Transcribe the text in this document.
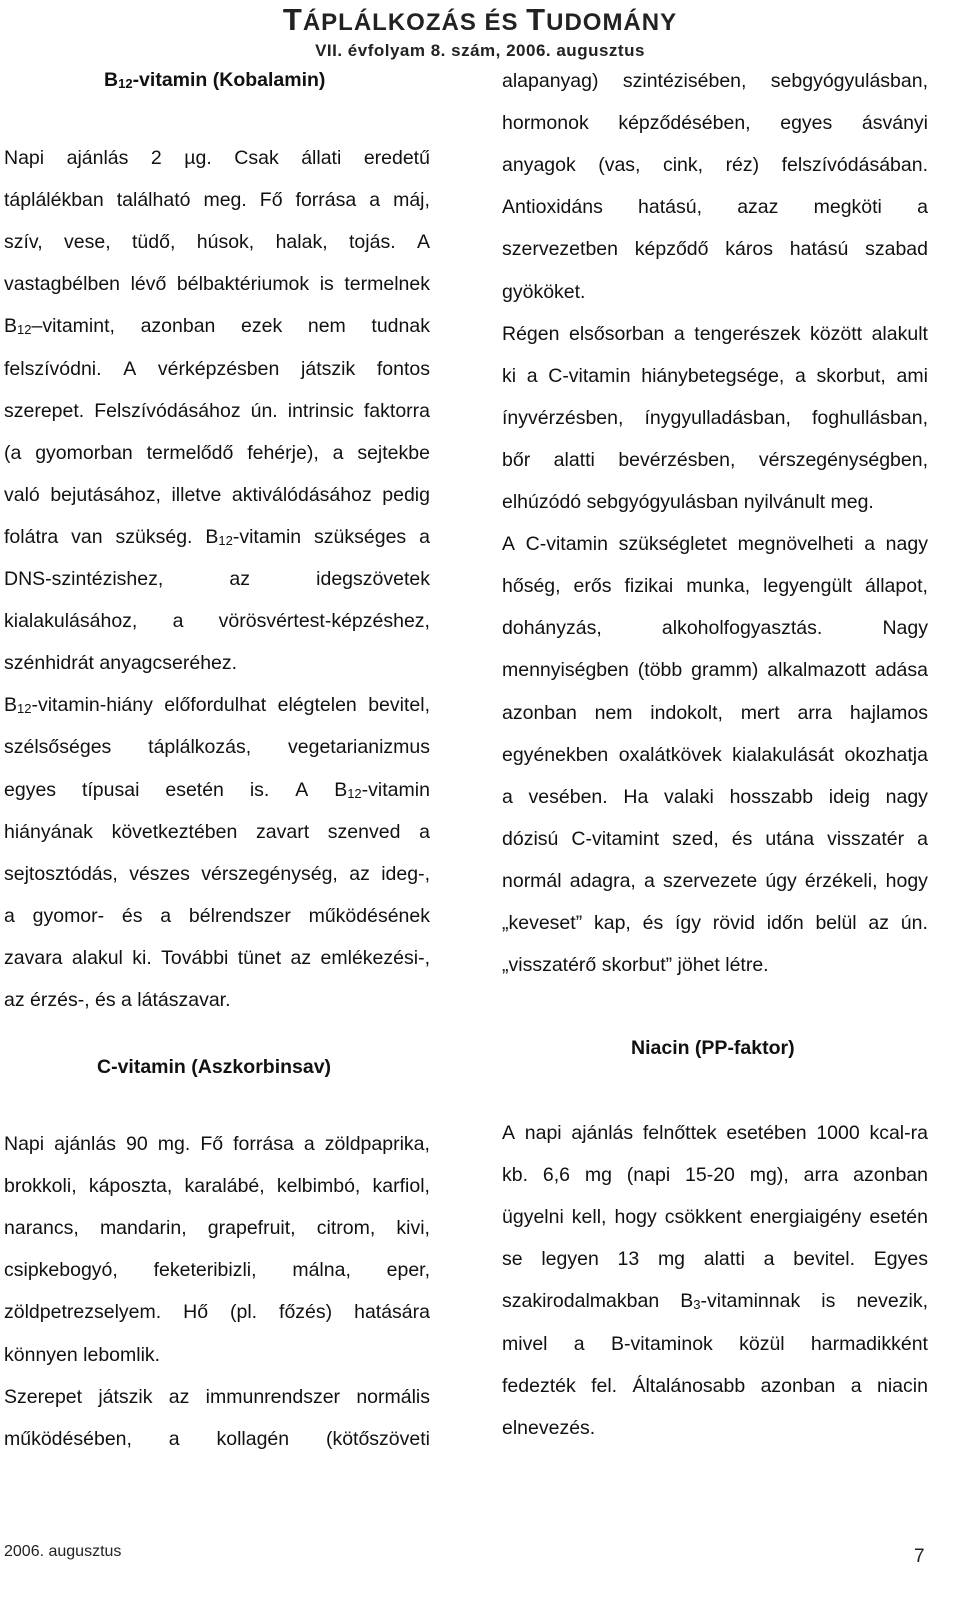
TÁPLÁLKOZÁS ÉS TUDOMÁNY
VII. évfolyam 8. szám, 2006. augusztus
$B_{12}$-vitamin (Kobalamin)
Napi ajánlás 2 µg. Csak állati eredetű
táplálékban található meg. Fő forrása a máj,
szív, vese, tüdő, húsok, halak, tojás. A
vastagbélben lévő bélbaktériumok is termelnek
$B_{12}$–vitamint, azonban ezek nem tudnak
felszívódni. A vérképzésben játszik fontos
szerepet. Felszívódásához ún. intrinsic faktorra
(a gyomorban termelődő fehérje), a sejtekbe
való bejutásához, illetve aktiválódásához pedig
folátra van szükség. $B_{12}$-vitamin szükséges a
DNS-szintézishez,	az	idegszövetek
kialakulásához, a vörösvértest-képzéshez,
szénhidrát anyagcseréhez.
$B_{12}-vitamin$-hiány előfordulhat elégtelen bevitel,
szélsőséges táplálkozás, vegetarianizmus
egyes típusai esetén is. A $B_{12}$-vitamin
hiányának következtében zavart szenved a
sejtosztódás, vészes vérszegénység, az ideg-,
a gyomor- és a bélrendszer működésének
zavara alakul ki. További tünet az emlékezési-,
az érzés-, és a látászavar.
C-vitamin (Aszkorbinsav)
Napi ajánlás 90 mg. Fő forrása a zöldpaprika,
brokkoli, káposzta, karalábé, kelbimbó, karfiol,
narancs, mandarin, grapefruit, citrom, kivi,
csipkebogyó, feketeribizli, málna, eper,
zöldpetrezselyem. Hő (pl. főzés) hatására
könnyen lebomlik.
Szerepet játszik az immunrendszer normális
működésében, a kollagén (kötőszöveti
alapanyag) szintézisében, sebgyógyulásban,
hormonok képződésében, egyes ásványi
anyagok (vas, cink, réz) felszívódásában.
Antioxidáns hatású, azaz megköti a
szervezetben képződő káros hatású szabad
gyököket.
Régen elsősorban a tengerészek között alakult
ki a C-vitamin hiánybetegsége, a skorbut, ami
ínyvérzésben, ínygyulladásban, foghullásban,
bőr alatti bevérzésben, vérszegénységben,
elhúzódó sebgyógyulásban nyilvánult meg.
A C-vitamin szükségletet megnövelheti a nagy
hőség, erős fizikai munka, legyengült állapot,
dohányzás,	alkoholfogyasztás.	Nagy
mennyiségben (több gramm) alkalmazott adása
azonban nem indokolt, mert arra hajlamos
egyénekben oxalátkövek kialakulását okozhatja
a vesében. Ha valaki hosszabb ideig nagy
dózisú C-vitamint szed, és utána visszatér a
normál adagra, a szervezete úgy érzékeli, hogy
„keveset” kap, és így rövid időn belül az ún.
„visszatérő skorbut” jöhet létre.
Niacin (PP-faktor)
A napi ajánlás felnőttek esetében 1000 kcal-ra
kb. 6,6 mg (napi 15-20 mg), arra azonban
ügyelni kell, hogy csökkent energiaigény esetén
se legyen 13 mg alatti a bevitel. Egyes
szakirodalmakban $B_3$-vitaminnak is nevezik,
mivel a B-vitaminok közül harmadikként
fedezték fel. Általánosabb azonban a niacin
elnevezés.
2006. augusztus	7
